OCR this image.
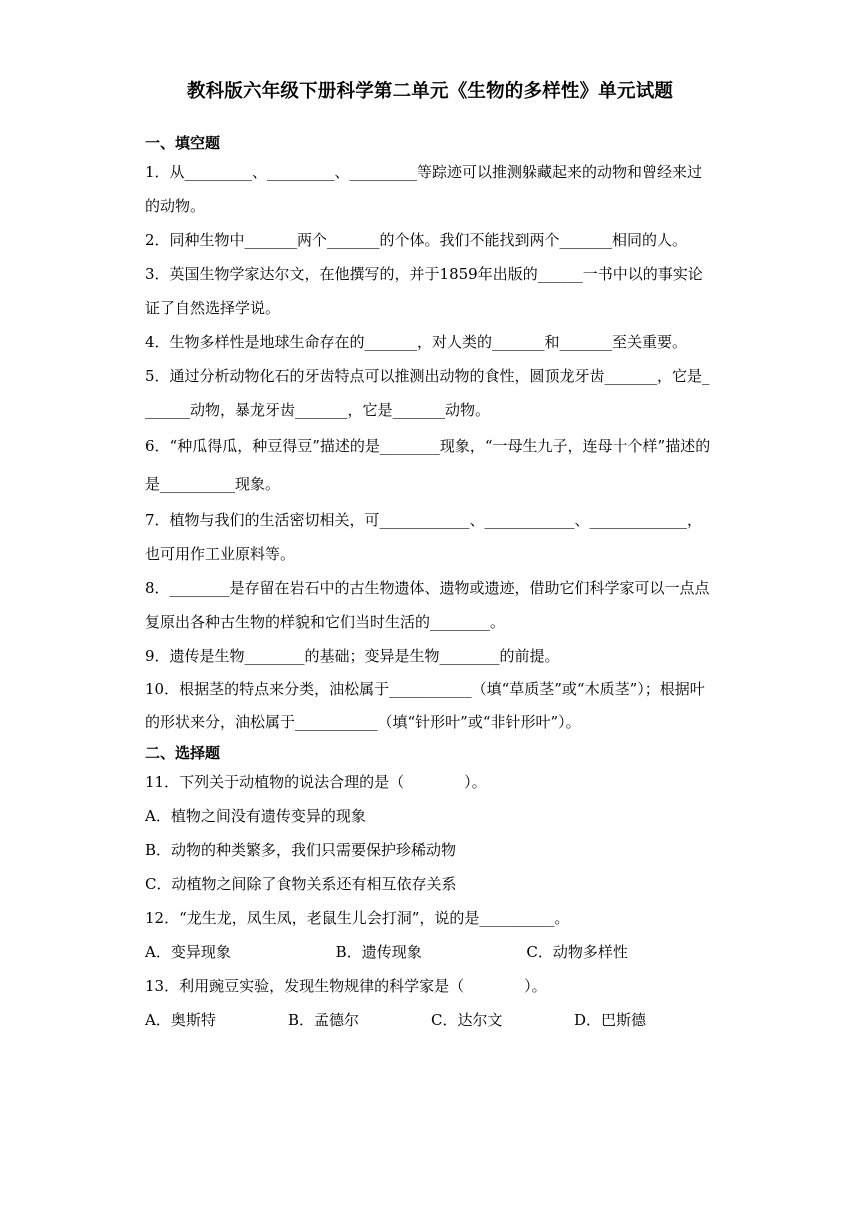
教科版六年级下册科学第二单元《生物的多样性》单元试题
一、填空题
1．从_________、_________、_________等踪迹可以推测躲藏起来的动物和曾经来过的动物。
2．同种生物中_______两个_______的个体。我们不能找到两个_______相同的人。
3．英国生物学家达尔文，在他撰写的，并于1859年出版的______一书中以的事实论证了自然选择学说。
4．生物多样性是地球生命存在的_______，对人类的_______和_______至关重要。
5．通过分析动物化石的牙齿特点可以推测出动物的食性，圆顶龙牙齿_______，它是_______动物，暴龙牙齿_______，它是_______动物。
6．“种瓜得瓜，种豆得豆”描述的是________现象，“一母生九子，连母十个样”描述的是__________现象。
7．植物与我们的生活密切相关，可____________、____________、_____________，也可用作工业原料等。
8．________是存留在岩石中的古生物遗体、遗物或遗迹，借助它们科学家可以一点点复原出各种古生物的样貌和它们当时生活的________。
9．遗传是生物________的基础；变异是生物________的前提。
10．根据茎的特点来分类，油松属于___________（填“草质茎”或“木质茎”）；根据叶的形状来分，油松属于___________（填“针形叶”或“非针形叶”）。
二、选择题
11．下列关于动植物的说法合理的是（　　　　）。
A．植物之间没有遗传变异的现象
B．动物的种类繁多，我们只需要保护珍稀动物
C．动植物之间除了食物关系还有相互依存关系
12．“龙生龙，凤生凤，老鼠生儿会打洞”，说的是__________。
A．变异现象	B．遗传现象	C．动物多样性
13．利用豌豆实验，发现生物规律的科学家是（　　　　）。
A．奥斯特	B．孟德尔	C．达尔文	D．巴斯德
